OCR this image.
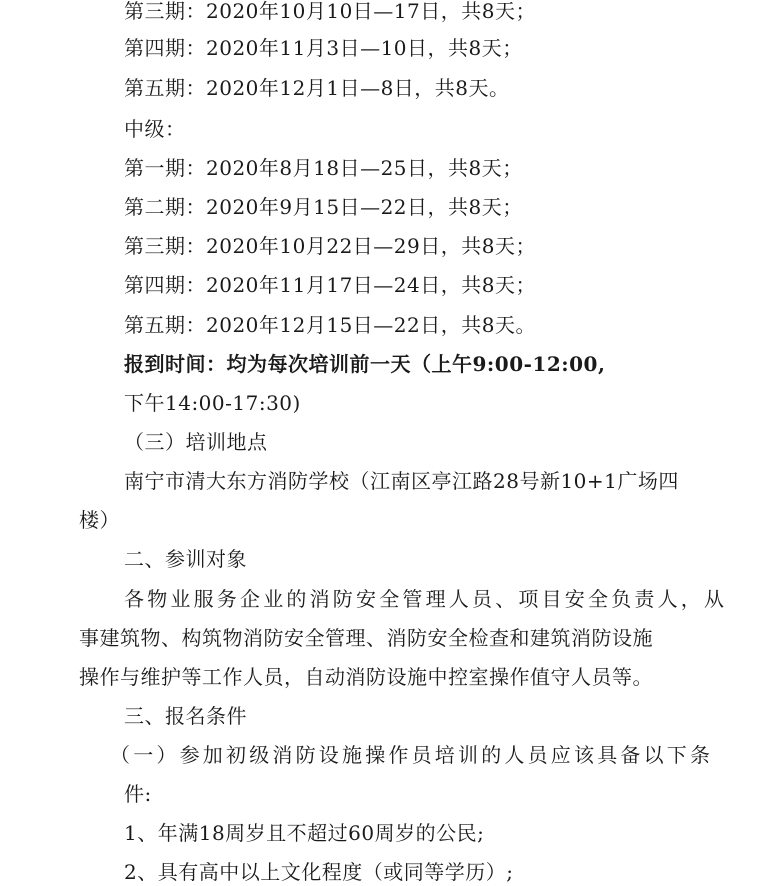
第三期：2020年10月10日—17日，共8天；
第四期：2020年11月3日—10日，共8天；
第五期：2020年12月1日—8日，共8天。
中级：
第一期：2020年8月18日—25日，共8天；
第二期：2020年9月15日—22日，共8天；
第三期：2020年10月22日—29日，共8天；
第四期：2020年11月17日—24日，共8天；
第五期：2020年12月15日—22日，共8天。
报到时间：均为每次培训前一天（上午9:00-12:00,
下午14:00-17:30)
（三）培训地点
南宁市清大东方消防学校（江南区亭江路28号新10+1广场四
楼）
二、参训对象
各物业服务企业的消防安全管理人员、项目安全负责人，从
事建筑物、构筑物消防安全管理、消防安全检查和建筑消防设施
操作与维护等工作人员，自动消防设施中控室操作值守人员等。
三、报名条件
（一）参加初级消防设施操作员培训的人员应该具备以下条
件:
1、年满18周岁且不超过60周岁的公民;
2、具有高中以上文化程度（或同等学历）;
